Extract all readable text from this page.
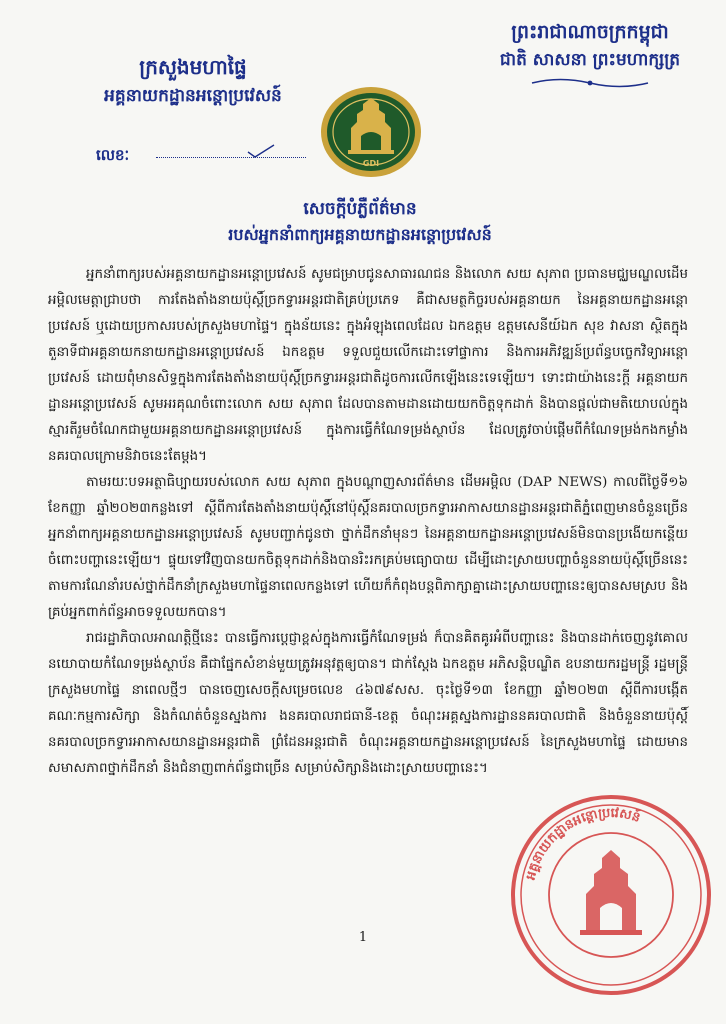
ក្រសួងមហាផ្ទៃ
អគ្គនាយកដ្ឋានអន្តោប្រវេសន៍
ព្រះរាជាណាចក្រកម្ពុជា
ជាតិ សាសនា ព្រះមហាក្សត្រ
GDI
លេខៈ
សេចក្តីបំភ្លឺព័ត៌មាន
របស់អ្នកនាំពាក្យអគ្គនាយកដ្ឋានអន្តោប្រវេសន៍

អ្នកនាំពាក្យរបស់អគ្គនាយកដ្ឋានអន្តោប្រវេសន៍ សូមជម្រាបជូនសាធារណជន និងលោក សយ សុភាព ប្រធានមជ្ឈមណ្ឌលដើមអម្ពិលមេត្តាជ្រាបថា ការតែងតាំងនាយប៉ុស្តិ៍ច្រកទ្វារអន្តរជាតិគ្រប់ប្រភេទ គឺជាសមត្ថកិច្ចរបស់អគ្គនាយក នៃអគ្គនាយកដ្ឋានអន្តោប្រវេសន៍ ឬដោយប្រកាសរបស់ក្រសួងមហាផ្ទៃ។ ក្នុងន័យនេះ ក្នុងអំឡុងពេលដែល ឯកឧត្តម ឧត្តមសេនីយ៍ឯក សុខ វាសនា ស្ថិតក្នុងតួនាទីជាអគ្គនាយកនាយកដ្ឋានអន្តោប្រវេសន៍ ឯកឧត្តម ទទួលជួយលើកដោះទៅផ្ទាការ និងការអភិវឌ្ឍន៍ប្រព័ន្ធបច្ចេកវិទ្យាអន្តោប្រវេសន៍ ដោយពុំមានសិទ្ធក្នុងការតែងតាំងនាយប៉ុស្តិ៍ច្រកទ្វារអន្តរជាតិដូចការលើកឡើងនេះទេឡើយ។ ទោះជាយ៉ាងនេះក្តី អគ្គនាយកដ្ឋានអន្តោប្រវេសន៍ សូមអរគុណចំពោះលោក សយ សុភាព ដែលបានតាមដានដោយយកចិត្តទុកដាក់ និងបានផ្តល់ជាមតិយោបល់ក្នុងស្មារតីរួមចំណែកជាមួយអគ្គនាយកដ្ឋានអន្តោប្រវេសន៍ ក្នុងការធ្វើកំណែទម្រង់ស្ថាប័ន ដែលត្រូវចាប់ផ្តើមពីកំណែទម្រង់កងកម្លាំងនគរបាលក្រោមនិវាចនេះតែម្តង។

តាមរយៈបទអត្ថាធិប្បាយរបស់លោក សយ សុភាព ក្នុងបណ្តាញសារព័ត៌មាន ដើមអម្ពិល (DAP NEWS) កាលពីថ្ងៃទី១៦ ខែកញ្ញា ឆ្នាំ២០២៣កន្លងទៅ ស្តីពីការតែងតាំងនាយប៉ុស្តិ៍នៅប៉ុស្តិ៍នគរបាលច្រកទ្វារអាកាសយានដ្ឋានអន្តរជាតិភ្នំពេញមានចំនួនច្រើន អ្នកនាំពាក្យអគ្គនាយកដ្ឋានអន្តោប្រវេសន៍ សូមបញ្ជាក់ជូនថា ថ្នាក់ដឹកនាំមុនៗ នៃអគ្គនាយកដ្ឋានអន្តោប្រវេសន៍មិនបានប្រងើយកន្តើយចំពោះបញ្ហានេះឡើយ។ ផ្ទុយទៅវិញបានយកចិត្តទុកដាក់និងបានរិះរកគ្រប់មធ្យោបាយ ដើម្បីដោះស្រាយបញ្ហាចំនួននាយប៉ុស្តិ៍ច្រើននេះ តាមការណែនាំរបស់ថ្នាក់ដឹកនាំក្រសួងមហាផ្ទៃនាពេលកន្លងទៅ ហើយក៏កំពុងបន្តពិភាក្សាគ្នាដោះស្រាយបញ្ហានេះឲ្យបានសមស្រប និងគ្រប់អ្នកពាក់ព័ន្ធអាចទទួលយកបាន។

រាជរដ្ឋាភិបាលអាណត្តិថ្មីនេះ បានធ្វើការប្តេជ្ញាខ្ពស់ក្នុងការធ្វើកំណែទម្រង់ ក៏បានគិតគូរអំពីបញ្ហានេះ និងបានដាក់ចេញនូវគោលនយោបាយកំណែទម្រង់ស្ថាប័ន គឺជាផ្នែកសំខាន់មួយត្រូវអនុវត្តឲ្យបាន។ ជាក់ស្តែង ឯកឧត្តម អភិសន្តិបណ្ឌិត ឧបនាយករដ្ឋមន្ត្រី រដ្ឋមន្ត្រីក្រសួងមហាផ្ទៃ នាពេលថ្មីៗ បានចេញសេចក្តីសម្រេចលេខ ៤៦៧៩សស. ចុះថ្ងៃទី១៣ ខែកញ្ញា ឆ្នាំ២០២៣ ស្តីពីការបង្កើតគណៈកម្មការសិក្សា និងកំណត់ចំនួនស្នងការ ងនគរបាលរាជធានី-ខេត្ត ចំណុះអគ្គស្នងការដ្ឋាននគរបាលជាតិ និងចំនួននាយប៉ុស្តិ៍នគរបាលច្រកទ្វារអាកាសយានដ្ឋានអន្តរជាតិ ព្រំដែនអន្តរជាតិ ចំណុះអគ្គនាយកដ្ឋានអន្តោប្រវេសន៍ នៃក្រសួងមហាផ្ទៃ ដោយមានសមាសភាពថ្នាក់ដឹកនាំ និងជំនាញពាក់ព័ន្ធជាច្រើន សម្រាប់សិក្សានិងដោះស្រាយបញ្ហានេះ។

1
អគ្គនាយកដ្ឋានអន្តោប្រវេសន៍
